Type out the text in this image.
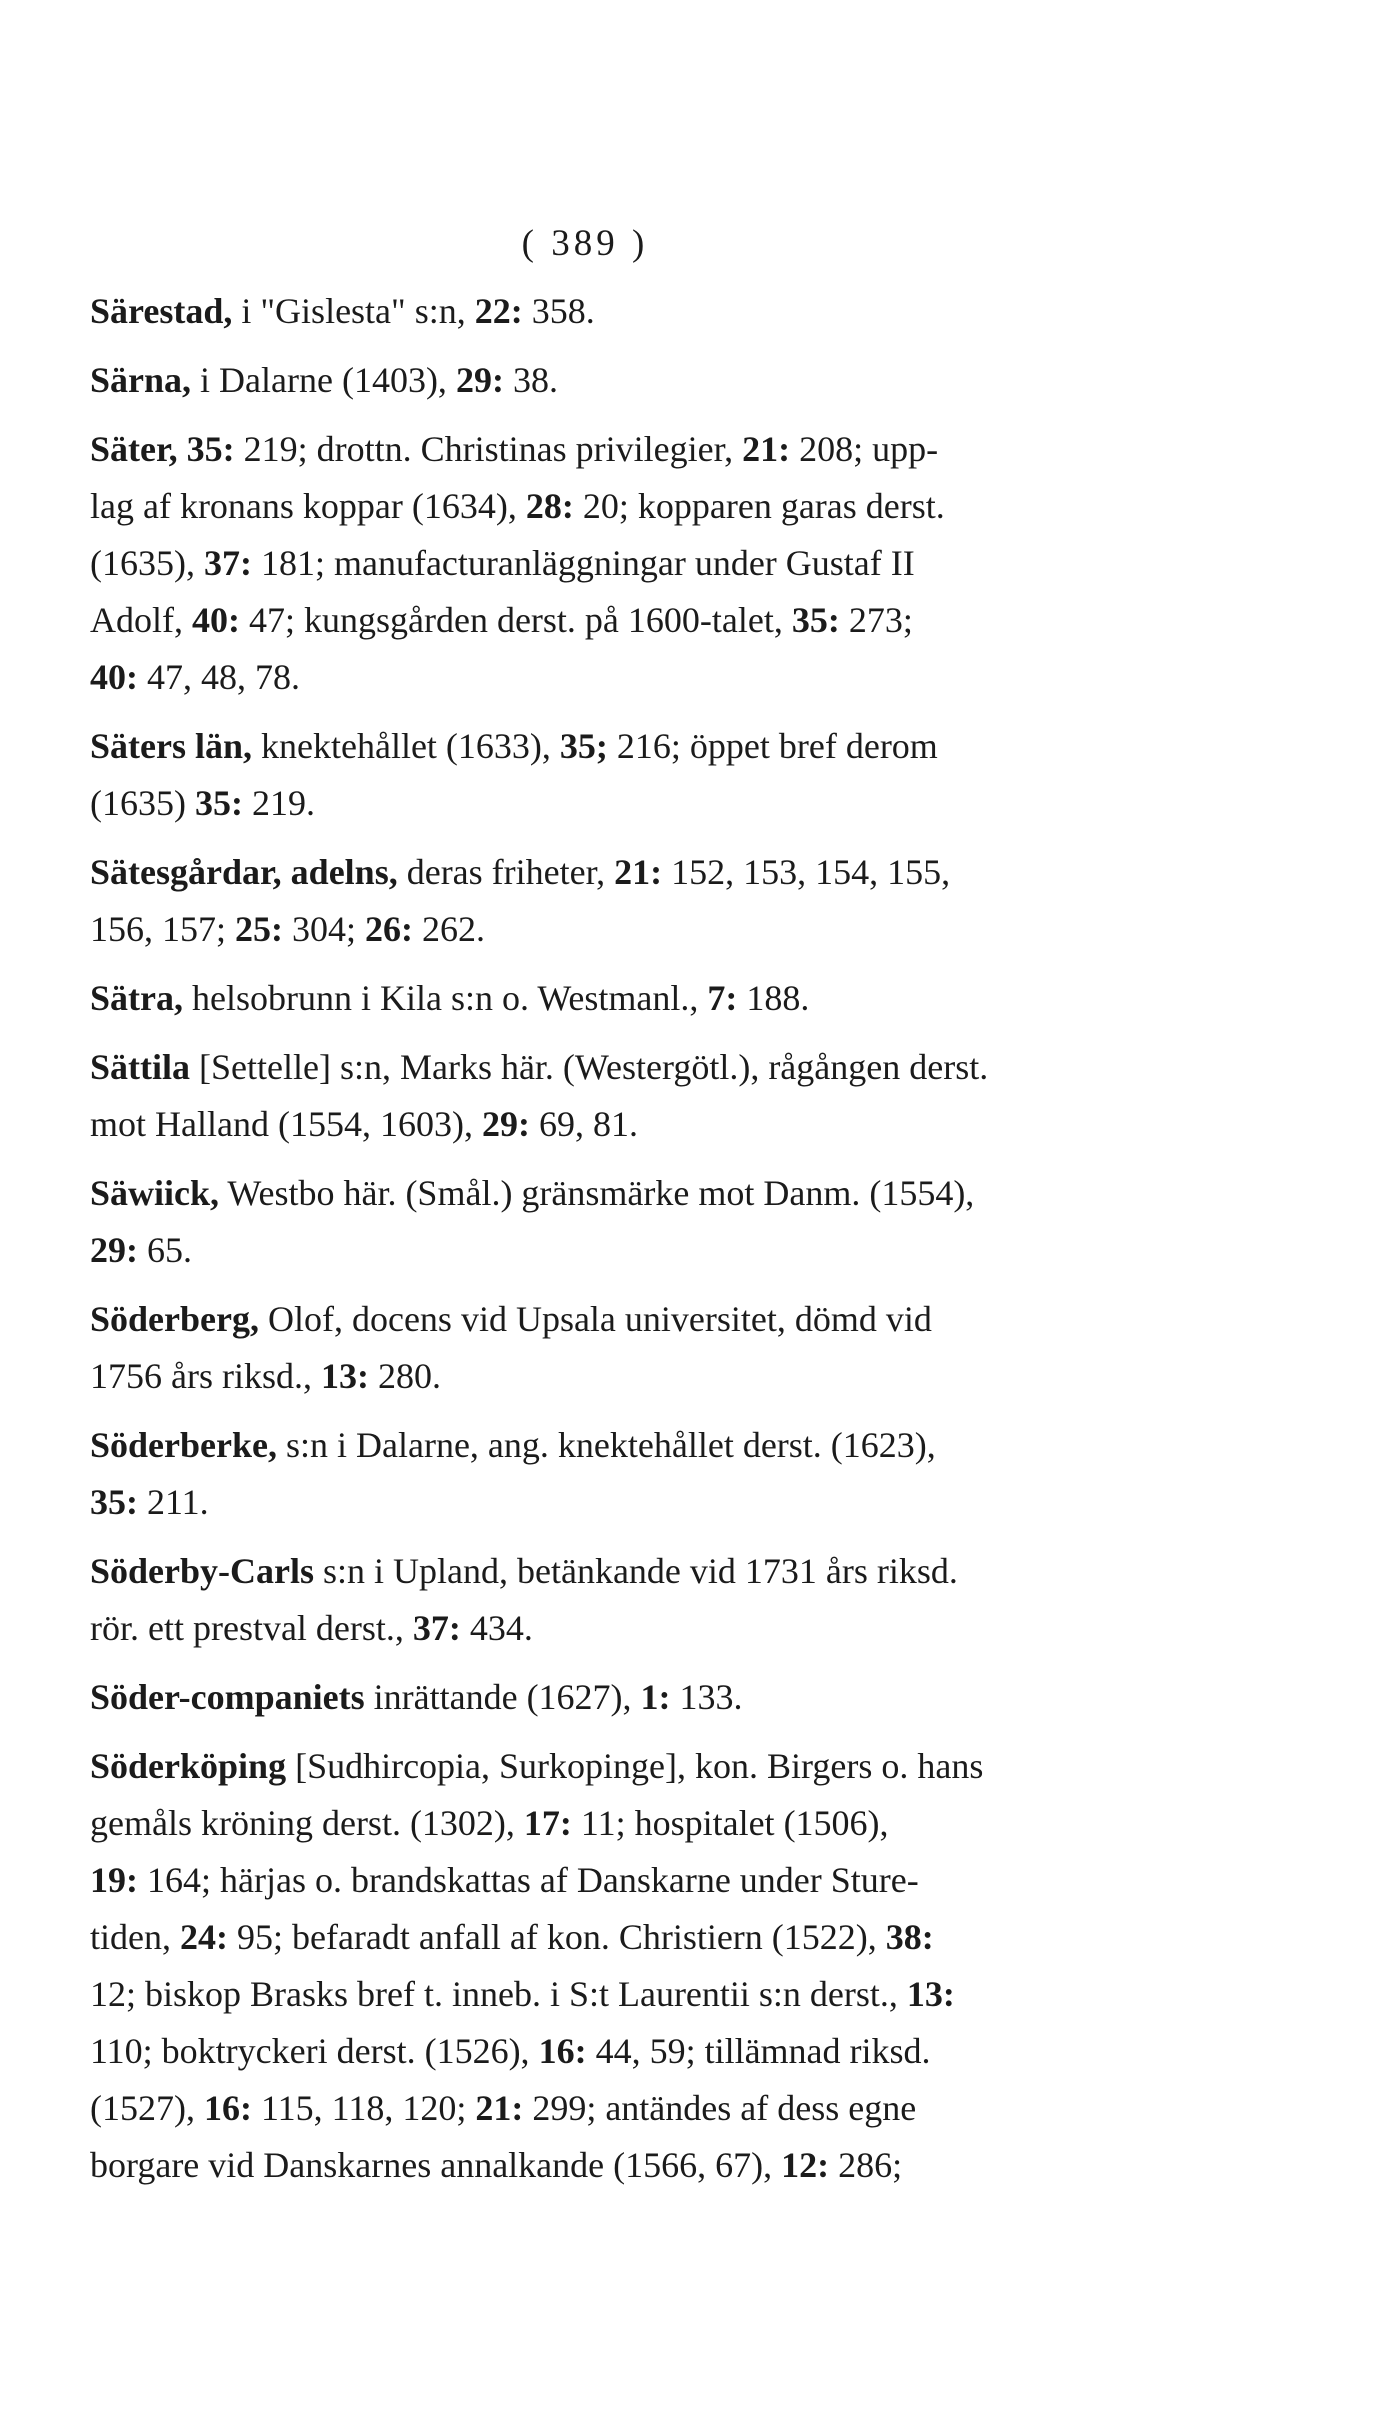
( 389 )
Särestad, i "Gislesta" s:n, 22: 358.
Särna, i Dalarne (1403), 29: 38.
Säter, 35: 219; drottn. Christinas privilegier, 21: 208; upp-
lag af kronans koppar (1634), 28: 20; kopparen garas derst.
(1635), 37: 181; manufacturanläggningar under Gustaf II
Adolf, 40: 47; kungsgården derst. på 1600-talet, 35: 273;
40: 47, 48, 78.
Säters län, knektehållet (1633), 35; 216; öppet bref derom
(1635) 35: 219.
Sätesgårdar, adelns, deras friheter, 21: 152, 153, 154, 155,
156, 157; 25: 304; 26: 262.
Sätra, helsobrunn i Kila s:n o. Westmanl., 7: 188.
Sättila [Settelle] s:n, Marks här. (Westergötl.), rågången derst.
mot Halland (1554, 1603), 29: 69, 81.
Säwiick, Westbo här. (Smål.) gränsmärke mot Danm. (1554),
29: 65.
Söderberg, Olof, docens vid Upsala universitet, dömd vid
1756 års riksd., 13: 280.
Söderberke, s:n i Dalarne, ang. knektehållet derst. (1623),
35: 211.
Söderby-Carls s:n i Upland, betänkande vid 1731 års riksd.
rör. ett prestval derst., 37: 434.
Söder-companiets inrättande (1627), 1: 133.
Söderköping [Sudhircopia, Surkopinge], kon. Birgers o. hans
gemåls kröning derst. (1302), 17: 11; hospitalet (1506),
19: 164; härjas o. brandskattas af Danskarne under Sture-
tiden, 24: 95; befaradt anfall af kon. Christiern (1522), 38:
12; biskop Brasks bref t. inneb. i S:t Laurentii s:n derst., 13:
110; boktryckeri derst. (1526), 16: 44, 59; tillämnad riksd.
(1527), 16: 115, 118, 120; 21: 299; antändes af dess egne
borgare vid Danskarnes annalkande (1566, 67), 12: 286;
